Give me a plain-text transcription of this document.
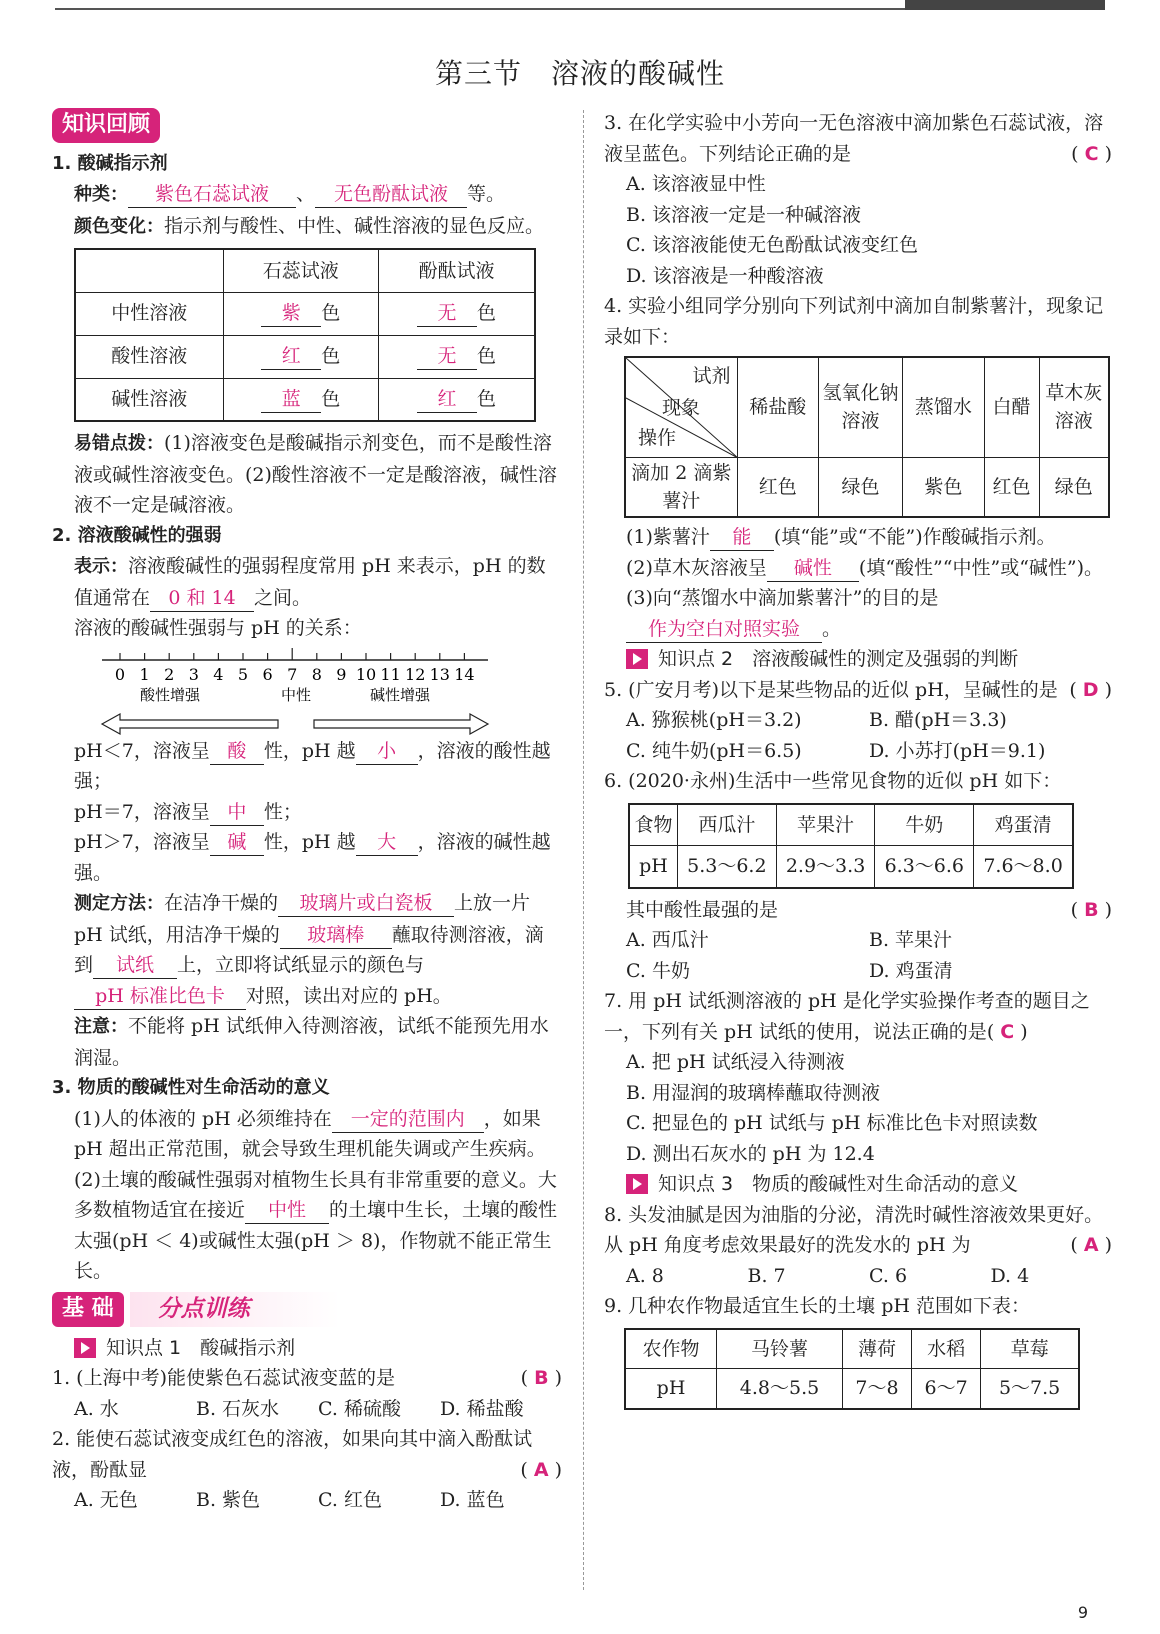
第三节　溶液的酸碱性
知识回顾
1. 酸碱指示剂
种类： 紫色石蕊试液 、 无色酚酞试液 等。
颜色变化：指示剂与酸性、中性、碱性溶液的显色反应。
	石蕊试液	酚酞试液
中性溶液	紫 色	无 色
酸性溶液	红 色	无 色
碱性溶液	蓝 色	红 色
易错点拨：(1)溶液变色是酸碱指示剂变色，而不是酸性溶液或碱性溶液变色。(2)酸性溶液不一定是酸溶液，碱性溶液不一定是碱溶液。
2. 溶液酸碱性的强弱
表示：溶液酸碱性的强弱程度常用 pH 来表示，pH 的数值通常在 0 和 14 之间。
溶液的酸碱性强弱与 pH 的关系：
0 1 2 3 4 5 6 7 8 9 10 11 12 13 14
酸性增强	中性	碱性增强
pH＜7，溶液呈 酸 性，pH 越 小 ，溶液的酸性越强；
pH＝7，溶液呈 中 性；
pH＞7，溶液呈 碱 性，pH 越 大 ，溶液的碱性越强。
测定方法：在洁净干燥的 玻璃片或白瓷板 上放一片 pH 试纸，用洁净干燥的 玻璃棒 蘸取待测溶液，滴到 试纸 上，立即将试纸显示的颜色与pH 标准比色卡 对照，读出对应的 pH。
注意：不能将 pH 试纸伸入待测溶液，试纸不能预先用水润湿。
3. 物质的酸碱性对生命活动的意义
(1)人的体液的 pH 必须维持在 一定的范围内 ，如果 pH 超出正常范围，就会导致生理机能失调或产生疾病。
(2)土壤的酸碱性强弱对植物生长具有非常重要的意义。大多数植物适宜在接近 中性 的土壤中生长，土壤的酸性太强(pH ＜ 4)或碱性太强(pH ＞ 8)，作物就不能正常生长。
基 础	分点训练
知识点 1　酸碱指示剂
1. (上海中考)能使紫色石蕊试液变蓝的是	( B )
A. 水	B. 石灰水	C. 稀硫酸	D. 稀盐酸
2. 能使石蕊试液变成红色的溶液，如果向其中滴入酚酞试液，酚酞显	( A )
A. 无色	B. 紫色	C. 红色	D. 蓝色
3. 在化学实验中小芳向一无色溶液中滴加紫色石蕊试液，溶液呈蓝色。下列结论正确的是	( C )
A. 该溶液显中性
B. 该溶液一定是一种碱溶液
C. 该溶液能使无色酚酞试液变红色
D. 该溶液是一种酸溶液
4. 实验小组同学分别向下列试剂中滴加自制紫薯汁，现象记录如下：
试剂
现象
操作	稀盐酸	氢氧化钠溶液	蒸馏水	白醋	草木灰溶液
滴加 2 滴紫薯汁	红色	绿色	紫色	红色	绿色
(1)紫薯汁 能 (填“能”或“不能”)作酸碱指示剂。
(2)草木灰溶液呈 碱性 (填“酸性”“中性”或“碱性”)。
(3)向“蒸馏水中滴加紫薯汁”的目的是作为空白对照实验 。
知识点 2　溶液酸碱性的测定及强弱的判断
5. (广安月考)以下是某些物品的近似 pH，呈碱性的是 ( D )
A. 猕猴桃(pH＝3.2)	B. 醋(pH＝3.3)
C. 纯牛奶(pH＝6.5)	D. 小苏打(pH＝9.1)
6. (2020·永州)生活中一些常见食物的近似 pH 如下：
食物	西瓜汁	苹果汁	牛奶	鸡蛋清
pH	5.3～6.2	2.9～3.3	6.3～6.6	7.6～8.0
其中酸性最强的是	( B )
A. 西瓜汁	B. 苹果汁
C. 牛奶	D. 鸡蛋清
7. 用 pH 试纸测溶液的 pH 是化学实验操作考查的题目之一，下列有关 pH 试纸的使用，说法正确的是( C )
A. 把 pH 试纸浸入待测液
B. 用湿润的玻璃棒蘸取待测液
C. 把显色的 pH 试纸与 pH 标准比色卡对照读数
D. 测出石灰水的 pH 为 12.4
知识点 3　物质的酸碱性对生命活动的意义
8. 头发油腻是因为油脂的分泌，清洗时碱性溶液效果更好。从 pH 角度考虑效果最好的洗发水的 pH 为	( A )
A. 8	B. 7	C. 6	D. 4
9. 几种农作物最适宜生长的土壤 pH 范围如下表：
农作物	马铃薯	薄荷	水稻	草莓
pH	4.8～5.5	7～8	6～7	5～7.5
9
